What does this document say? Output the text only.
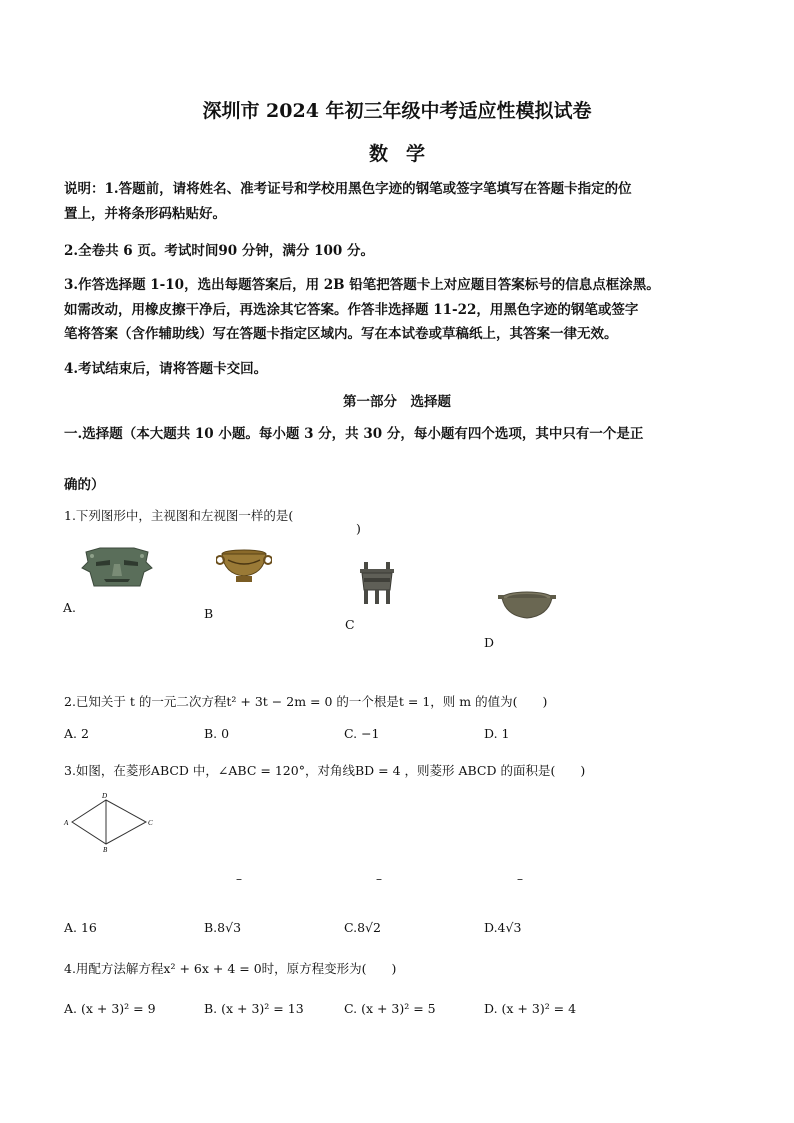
深圳市 2024 年初三年级中考适应性模拟试卷
数学
说明：1.答题前，请将姓名、准考证号和学校用黑色字迹的钢笔或签字笔填写在答题卡指定的位
置上，并将条形码粘贴好。
2.全卷共 6 页。考试时间90 分钟，满分 100 分。
3.作答选择题 1-10，选出每题答案后，用 2B 铅笔把答题卡上对应题目答案标号的信息点框涂黑。
如需改动，用橡皮擦干净后，再选涂其它答案。作答非选择题 11-22，用黑色字迹的钢笔或签字
笔将答案（含作辅助线）写在答题卡指定区域内。写在本试卷或草稿纸上，其答案一律无效。
4.考试结束后，请将答题卡交回。
第一部分　选择题
一.选择题（本大题共 10 小题。每小题 3 分，共 30 分，每小题有四个选项，其中只有一个是正
确的）
1.下列图形中，主视图和左视图一样的是(
)
A.	B
C
D
2.已知关于 t 的一元二次方程t² + 3t − 2m = 0 的一个根是t = 1，则 m 的值为(　　)
A. 2	B. 0	C. −1	D. 1
3.如图，在菱形ABCD 中，∠ABC = 120°，对角线BD = 4 ，则菱形 ABCD 的面积是(　　)
D
A	C
B
–	–	–
A. 16	B.8√3	C.8√2	D.4√3
4.用配方法解方程x² + 6x + 4 = 0时，原方程变形为(　　)
A. (x + 3)² = 9	B. (x + 3)² = 13	C. (x + 3)² = 5	D. (x + 3)² = 4
